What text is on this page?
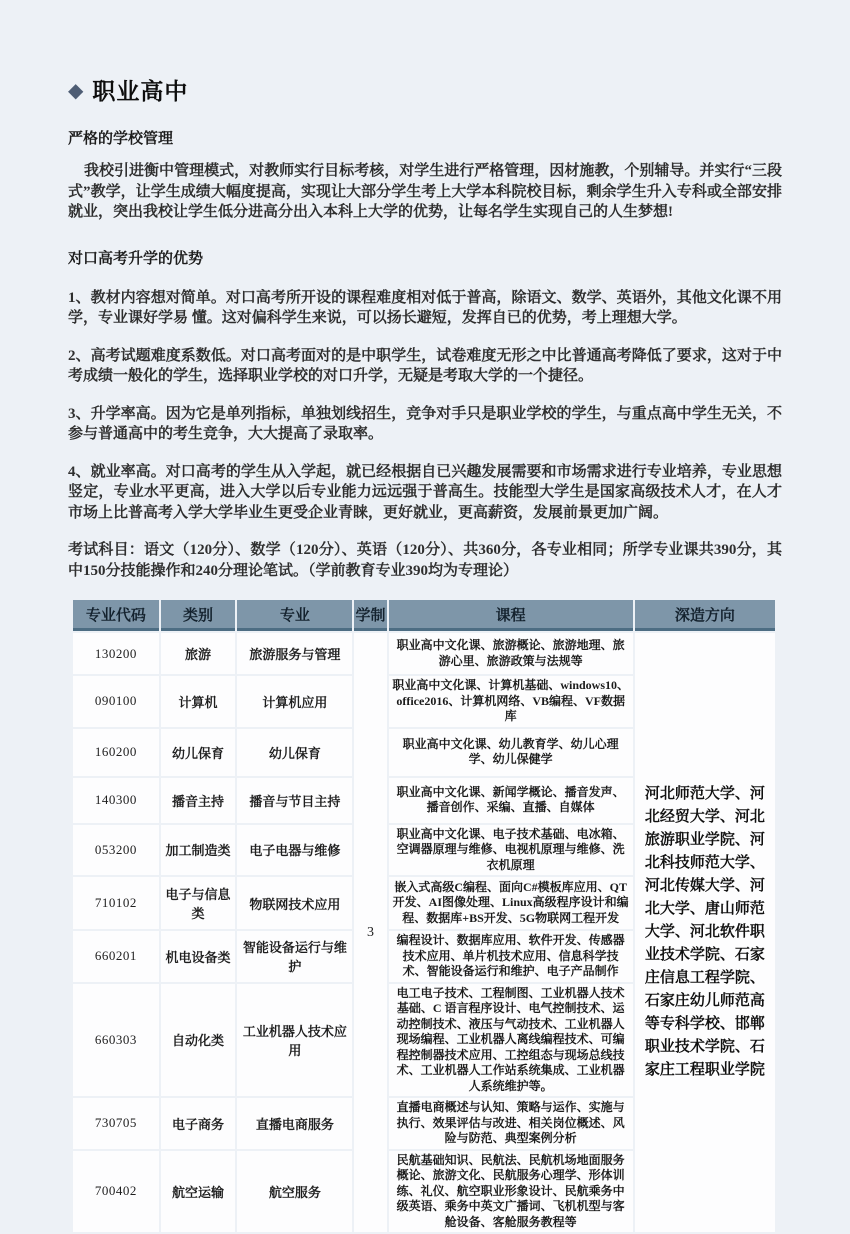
◆ 职业高中
严格的学校管理

我校引进衡中管理模式，对教师实行目标考核，对学生进行严格管理，因材施教，个别辅导。并实行“三段式”教学，让学生成绩大幅度提高，实现让大部分学生考上大学本科院校目标，剩余学生升入专科或全部安排就业，突出我校让学生低分进高分出入本科上大学的优势，让每名学生实现自己的人生梦想!

对口高考升学的优势

1、教材内容想对简单。对口高考所开设的课程难度相对低于普高，除语文、数学、英语外，其他文化课不用学，专业课好学易 懂。这对偏科学生来说，可以扬长避短，发挥自已的优势，考上理想大学。

2、高考试题难度系数低。对口高考面对的是中职学生，试卷难度无形之中比普通高考降低了要求，这对于中考成绩一般化的学生，选择职业学校的对口升学，无疑是考取大学的一个捷径。

3、升学率高。因为它是单列指标，单独划线招生，竞争对手只是职业学校的学生，与重点高中学生无关，不参与普通高中的考生竞争，大大提高了录取率。

4、就业率高。对口高考的学生从入学起，就已经根据自已兴趣发展需要和市场需求进行专业培养，专业思想竖定，专业水平更高，进入大学以后专业能力远远强于普高生。技能型大学生是国家高级技术人才，在人才市场上比普高考入学大学毕业生更受企业青睐，更好就业，更高薪资，发展前景更加广阔。

考试科目：语文（120分）、数学（120分）、英语（120分）、共360分，各专业相同；所学专业课共390分，其中150分技能操作和240分理论笔试。（学前教育专业390均为专理论）

专业代码	类别	专业	学制	课程	深造方向
130200	旅游	旅游服务与管理	3	职业高中文化课、旅游概论、旅游地理、旅游心里、旅游政策与法规等	河北师范大学、河北经贸大学、河北旅游职业学院、河北科技师范大学、河北传媒大学、河北大学、唐山师范大学、河北软件职业技术学院、石家庄信息工程学院、石家庄幼儿师范高等专科学校、邯郸职业技术学院、石家庄工程职业学院
090100	计算机	计算机应用		职业高中文化课、计算机基础、windows10、office2016、计算机网络、VB编程、VF数据库	
160200	幼儿保育	幼儿保育		职业高中文化课、幼儿教育学、幼儿心理学、幼儿保健学	
140300	播音主持	播音与节目主持		职业高中文化课、新闻学概论、播音发声、播音创作、采编、直播、自媒体	
053200	加工制造类	电子电器与维修		职业高中文化课、电子技术基础、电冰箱、空调器原理与维修、电视机原理与维修、洗衣机原理	
710102	电子与信息类	物联网技术应用		嵌入式高级C编程、面向C#模板库应用、QT开发、AI图像处理、Linux高级程序设计和编程、数据库+BS开发、5G物联网工程开发	
660201	机电设备类	智能设备运行与维护		编程设计、数据库应用、软件开发、传感器技术应用、单片机技术应用、信息科学技术、智能设备运行和维护、电子产品制作	
660303	自动化类	工业机器人技术应用		电工电子技术、工程制图、工业机器人技术基础、C 语言程序设计、电气控制技术、运动控制技术、液压与气动技术、工业机器人现场编程、工业机器人离线编程技术、可编程控制器技术应用、工控组态与现场总线技术、工业机器人工作站系统集成、工业机器人系统维护等。	
730705	电子商务	直播电商服务		直播电商概述与认知、策略与运作、实施与执行、效果评估与改进、相关岗位概述、风险与防范、典型案例分析	
700402	航空运输	航空服务		民航基础知识、民航法、民航机场地面服务概论、旅游文化、民航服务心理学、形体训练、礼仪、航空职业形象设计、民航乘务中级英语、乘务中英文广播词、飞机机型与客舱设备、客舱服务教程等	
